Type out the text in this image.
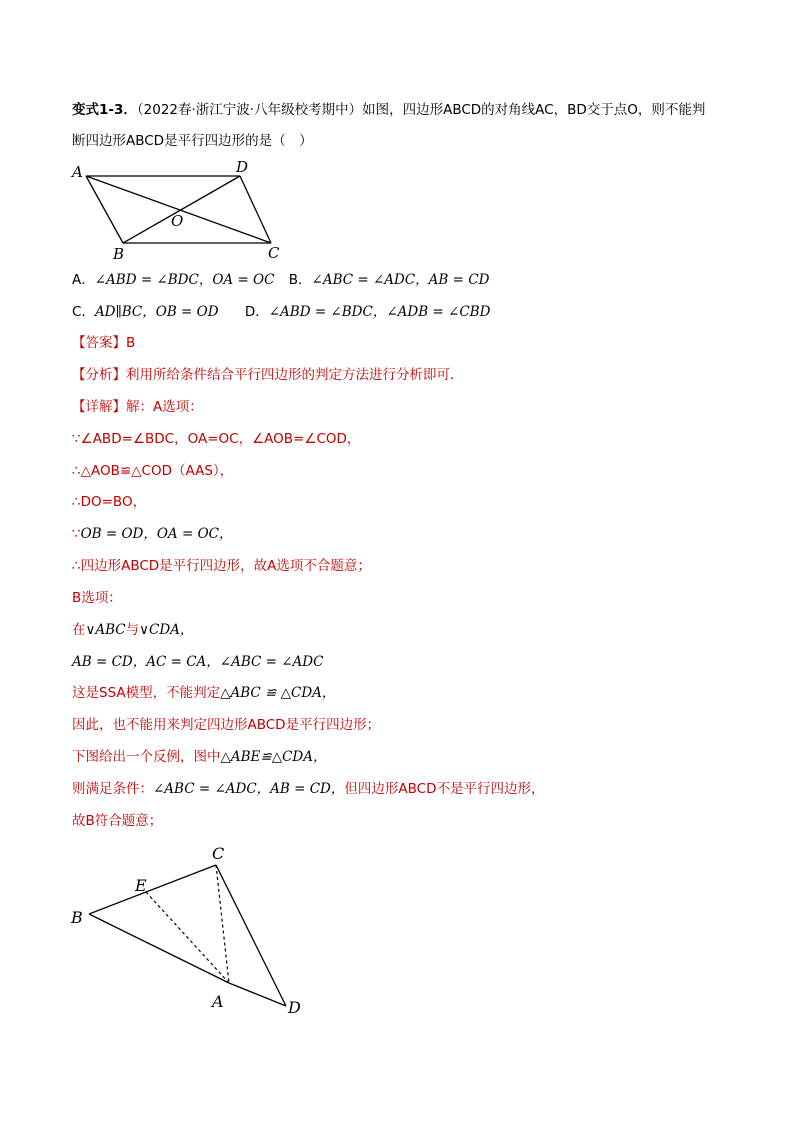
变式1-3．（2022春·浙江宁波·八年级校考期中）如图，四边形ABCD的对角线AC，BD交于点O，则不能判
断四边形ABCD是平行四边形的是（　）
A	D
O
B	C
A．∠ABD = ∠BDC，OA = OC B．∠ABC = ∠ADC，AB = CD
C．AD∥BC，OB = OD D．∠ABD = ∠BDC，∠ADB = ∠CBD
【答案】B
【分析】利用所给条件结合平行四边形的判定方法进行分析即可．
【详解】解：A选项：
∵∠ABD=∠BDC，OA=OC，∠AOB=∠COD，
∴△AOB≌△COD（AAS），
∴DO=BO，
∵OB = OD，OA = OC，
∴四边形ABCD是平行四边形，故A选项不合题意；
B选项：
在∨ABC与∨CDA，
AB = CD，AC = CA，∠ABC = ∠ADC
这是SSA模型，不能判定△ABC ≌ △CDA，
因此，也不能用来判定四边形ABCD是平行四边形；
下图给出一个反例，图中△ABE≌△CDA，
则满足条件：∠ABC = ∠ADC，AB = CD，但四边形ABCD不是平行四边形，
故B符合题意；
C
E
B
A	D
